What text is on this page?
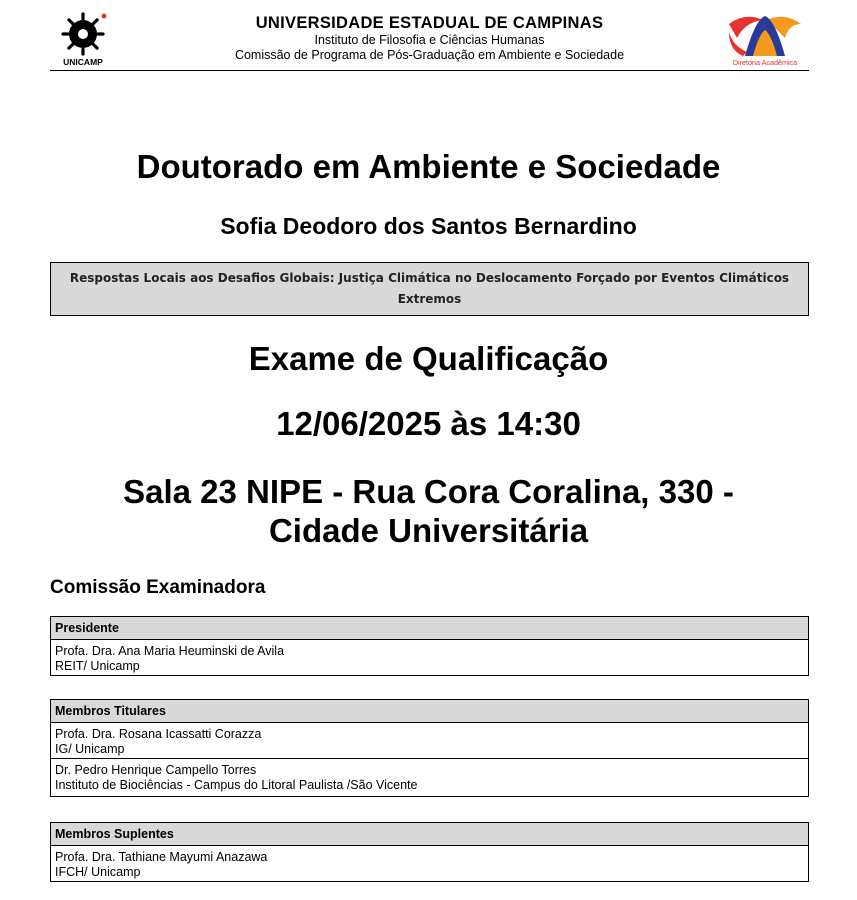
UNICAMP
UNIVERSIDADE ESTADUAL DE CAMPINAS
Instituto de Filosofia e Ciências Humanas
Comissão de Programa de Pós-Graduação em Ambiente e Sociedade
Diretoria Acadêmica
Doutorado em Ambiente e Sociedade
Sofia Deodoro dos Santos Bernardino
Respostas Locais aos Desafios Globais: Justiça Climática no Deslocamento Forçado por Eventos Climáticos Extremos
Exame de Qualificação
12/06/2025 às 14:30
Sala 23 NIPE - Rua Cora Coralina, 330 - Cidade Universitária
Comissão Examinadora
Presidente
Profa. Dra. Ana Maria Heuminski de Avila
REIT/ Unicamp
Membros Titulares
Profa. Dra. Rosana Icassatti Corazza
IG/ Unicamp
Dr. Pedro Henrique Campello Torres
Instituto de Biociências - Campus do Litoral Paulista /São Vicente
Membros Suplentes
Profa. Dra. Tathiane Mayumi Anazawa
IFCH/ Unicamp
